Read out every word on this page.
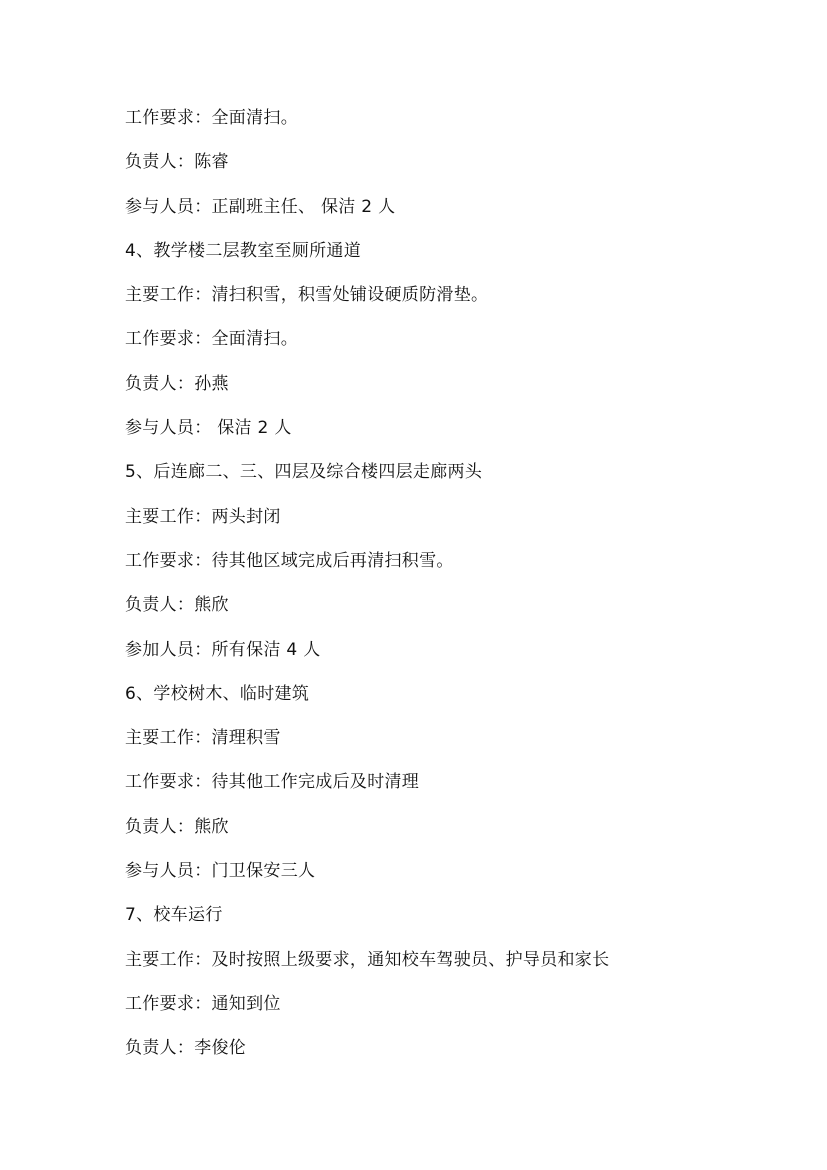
工作要求：全面清扫。
负责人：陈睿
参与人员：正副班主任、 保洁 2 人
4、教学楼二层教室至厕所通道
主要工作：清扫积雪，积雪处铺设硬质防滑垫。
工作要求：全面清扫。
负责人：孙燕
参与人员： 保洁 2 人
5、后连廊二、三、四层及综合楼四层走廊两头
主要工作：两头封闭
工作要求：待其他区域完成后再清扫积雪。
负责人：熊欣
参加人员：所有保洁 4 人
6、学校树木、临时建筑
主要工作：清理积雪
工作要求：待其他工作完成后及时清理
负责人：熊欣
参与人员：门卫保安三人
7、校车运行
主要工作：及时按照上级要求，通知校车驾驶员、护导员和家长
工作要求：通知到位
负责人：李俊伦
